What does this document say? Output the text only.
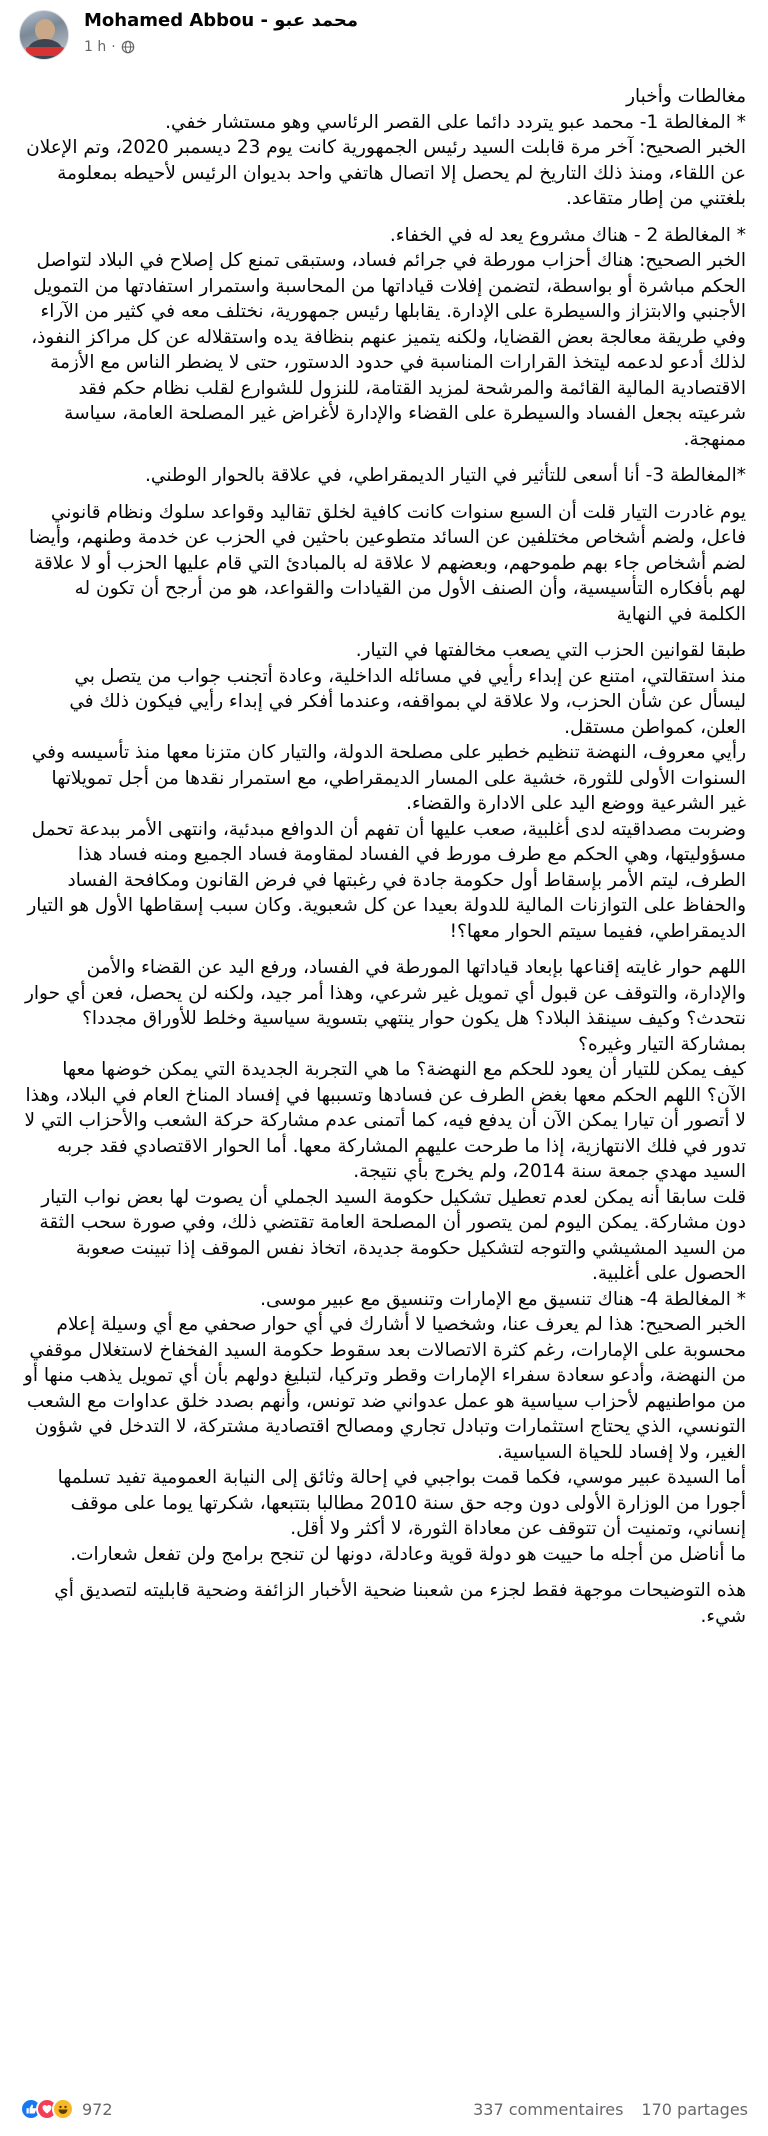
Mohamed Abbou - محمد عبو
1 h ·

مغالطات وأخبار
* المغالطة 1- محمد عبو يتردد دائما على القصر الرئاسي وهو مستشار خفي.
الخبر الصحيح: آخر مرة قابلت السيد رئيس الجمهورية كانت يوم 23 ديسمبر 2020، وتم الإعلان عن اللقاء، ومنذ ذلك التاريخ لم يحصل إلا اتصال هاتفي واحد بديوان الرئيس لأحيطه بمعلومة بلغتني من إطار متقاعد.

* المغالطة 2 - هناك مشروع يعد له في الخفاء.
الخبر الصحيح: هناك أحزاب مورطة في جرائم فساد، وستبقى تمنع كل إصلاح في البلاد لتواصل الحكم مباشرة أو بواسطة، لتضمن إفلات قياداتها من المحاسبة واستمرار استفادتها من التمويل الأجنبي والابتزاز والسيطرة على الإدارة. يقابلها رئيس جمهورية، نختلف معه في كثير من الآراء وفي طريقة معالجة بعض القضايا، ولكنه يتميز عنهم بنظافة يده واستقلاله عن كل مراكز النفوذ، لذلك أدعو لدعمه ليتخذ القرارات المناسبة في حدود الدستور، حتى لا يضطر الناس مع الأزمة الاقتصادية المالية القائمة والمرشحة لمزيد القتامة، للنزول للشوارع لقلب نظام حكم فقد شرعيته بجعل الفساد والسيطرة على القضاء والإدارة لأغراض غير المصلحة العامة، سياسة ممنهجة.

*المغالطة 3- أنا أسعى للتأثير في التيار الديمقراطي، في علاقة بالحوار الوطني.

يوم غادرت التيار قلت أن السبع سنوات كانت كافية لخلق تقاليد وقواعد سلوك ونظام قانوني فاعل، ولضم أشخاص مختلفين عن السائد متطوعين باحثين في الحزب عن خدمة وطنهم، وأيضا لضم أشخاص جاء بهم طموحهم، وبعضهم لا علاقة له بالمبادئ التي قام عليها الحزب أو لا علاقة لهم بأفكاره التأسيسية، وأن الصنف الأول من القيادات والقواعد، هو من أرجح أن تكون له الكلمة في النهاية

طبقا لقوانين الحزب التي يصعب مخالفتها في التيار.
منذ استقالتي، امتنع عن إبداء رأيي في مسائله الداخلية، وعادة أتجنب جواب من يتصل بي ليسأل عن شأن الحزب، ولا علاقة لي بمواقفه، وعندما أفكر في إبداء رأيي فيكون ذلك في العلن، كمواطن مستقل.
رأيي معروف، النهضة تنظيم خطير على مصلحة الدولة، والتيار كان متزنا معها منذ تأسيسه وفي السنوات الأولى للثورة، خشية على المسار الديمقراطي، مع استمرار نقدها من أجل تمويلاتها غير الشرعية ووضع اليد على الادارة والقضاء.
وضربت مصداقيته لدى أغلبية، صعب عليها أن تفهم أن الدوافع مبدئية، وانتهى الأمر ببدعة تحمل مسؤوليتها، وهي الحكم مع طرف مورط في الفساد لمقاومة فساد الجميع ومنه فساد هذا الطرف، ليتم الأمر بإسقاط أول حكومة جادة في رغبتها في فرض القانون ومكافحة الفساد والحفاظ على التوازنات المالية للدولة بعيدا عن كل شعبوية. وكان سبب إسقاطها الأول هو التيار الديمقراطي، ففيما سيتم الحوار معها؟!

اللهم حوار غايته إقناعها بإبعاد قياداتها المورطة في الفساد، ورفع اليد عن القضاء والأمن والإدارة، والتوقف عن قبول أي تمويل غير شرعي، وهذا أمر جيد، ولكنه لن يحصل، فعن أي حوار نتحدث؟ وكيف سينقذ البلاد؟ هل يكون حوار ينتهي بتسوية سياسية وخلط للأوراق مجددا؟ بمشاركة التيار وغيره؟
كيف يمكن للتيار أن يعود للحكم مع النهضة؟ ما هي التجربة الجديدة التي يمكن خوضها معها الآن؟ اللهم الحكم معها بغض الطرف عن فسادها وتسببها في إفساد المناخ العام في البلاد، وهذا لا أتصور أن تيارا يمكن الآن أن يدفع فيه، كما أتمنى عدم مشاركة حركة الشعب والأحزاب التي لا تدور في فلك الانتهازية، إذا ما طرحت عليهم المشاركة معها. أما الحوار الاقتصادي فقد جربه السيد مهدي جمعة سنة 2014، ولم يخرج بأي نتيجة.
قلت سابقا أنه يمكن لعدم تعطيل تشكيل حكومة السيد الجملي أن يصوت لها بعض نواب التيار دون مشاركة. يمكن اليوم لمن يتصور أن المصلحة العامة تقتضي ذلك، وفي صورة سحب الثقة من السيد المشيشي والتوجه لتشكيل حكومة جديدة، اتخاذ نفس الموقف إذا تبينت صعوبة الحصول على أغلبية.
* المغالطة 4- هناك تنسيق مع الإمارات وتنسيق مع عبير موسى.
الخبر الصحيح: هذا لم يعرف عنا، وشخصيا لا أشارك في أي حوار صحفي مع أي وسيلة إعلام محسوبة على الإمارات، رغم كثرة الاتصالات بعد سقوط حكومة السيد الفخفاخ لاستغلال موقفي من النهضة، وأدعو سعادة سفراء الإمارات وقطر وتركيا، لتبليغ دولهم بأن أي تمويل يذهب منها أو من مواطنيهم لأحزاب سياسية هو عمل عدواني ضد تونس، وأنهم بصدد خلق عداوات مع الشعب التونسي، الذي يحتاج استثمارات وتبادل تجاري ومصالح اقتصادية مشتركة، لا التدخل في شؤون الغير، ولا إفساد للحياة السياسية.
أما السيدة عبير موسي، فكما قمت بواجبي في إحالة وثائق إلى النيابة العمومية تفيد تسلمها أجورا من الوزارة الأولى دون وجه حق سنة 2010 مطالبا بتتبعها، شكرتها يوما على موقف إنساني، وتمنيت أن تتوقف عن معاداة الثورة، لا أكثر ولا أقل.
ما أناضل من أجله ما حييت هو دولة قوية وعادلة، دونها لن تنجح برامج ولن تفعل شعارات.

هذه التوضيحات موجهة فقط لجزء من شعبنا ضحية الأخبار الزائفة وضحية قابليته لتصديق أي شيء.

972	337 commentaires 170 partages
